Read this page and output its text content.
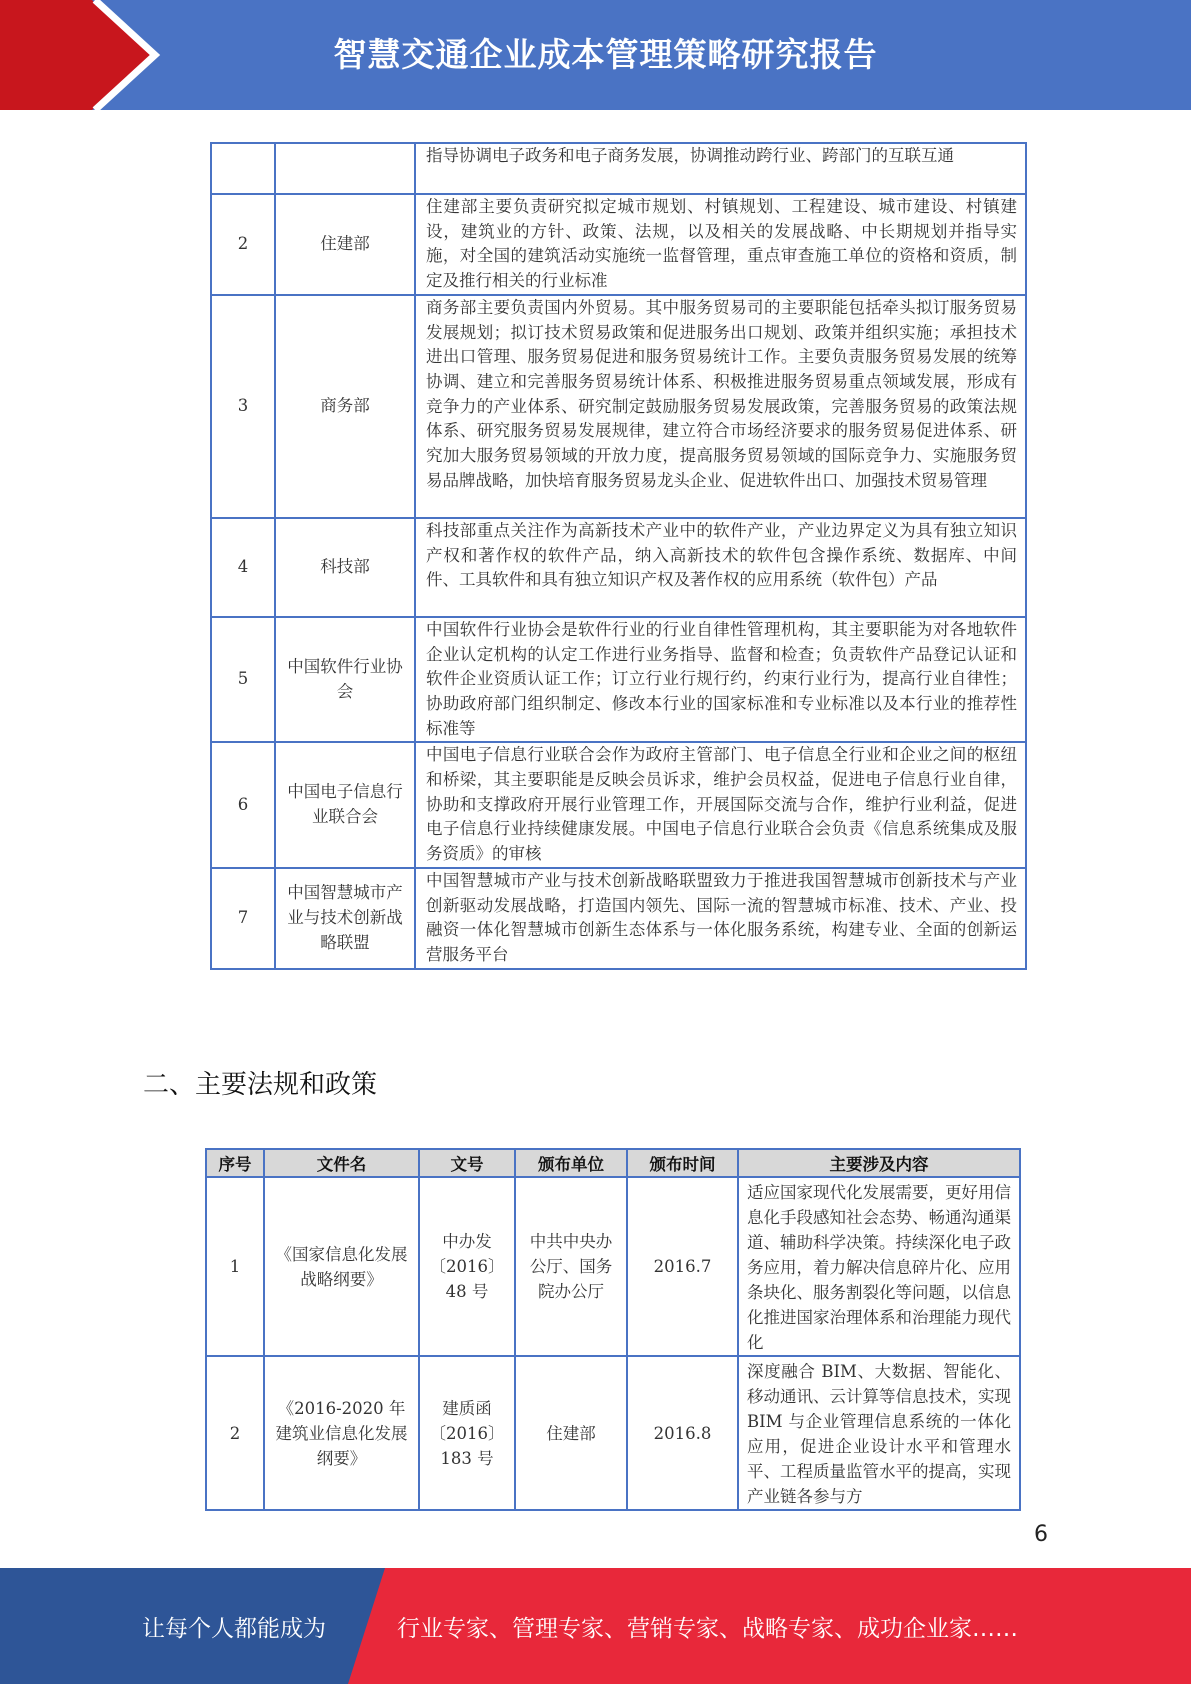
智慧交通企业成本管理策略研究报告
		指导协调电子政务和电子商务发展，协调推动跨行业、跨部门的互联互通
2	住建部	住建部主要负责研究拟定城市规划、村镇规划、工程建设、城市建设、村镇建设，建筑业的方针、政策、法规，以及相关的发展战略、中长期规划并指导实施，对全国的建筑活动实施统一监督管理，重点审查施工单位的资格和资质，制定及推行相关的行业标准
3	商务部	商务部主要负责国内外贸易。其中服务贸易司的主要职能包括牵头拟订服务贸易发展规划；拟订技术贸易政策和促进服务出口规划、政策并组织实施；承担技术进出口管理、服务贸易促进和服务贸易统计工作。主要负责服务贸易发展的统筹协调、建立和完善服务贸易统计体系、积极推进服务贸易重点领域发展，形成有竞争力的产业体系、研究制定鼓励服务贸易发展政策，完善服务贸易的政策法规体系、研究服务贸易发展规律，建立符合市场经济要求的服务贸易促进体系、研究加大服务贸易领域的开放力度，提高服务贸易领域的国际竞争力、实施服务贸易品牌战略，加快培育服务贸易龙头企业、促进软件出口、加强技术贸易管理
4	科技部	科技部重点关注作为高新技术产业中的软件产业，产业边界定义为具有独立知识产权和著作权的软件产品，纳入高新技术的软件包含操作系统、数据库、中间件、工具软件和具有独立知识产权及著作权的应用系统（软件包）产品
5	中国软件行业协会	中国软件行业协会是软件行业的行业自律性管理机构，其主要职能为对各地软件企业认定机构的认定工作进行业务指导、监督和检查；负责软件产品登记认证和软件企业资质认证工作；订立行业行规行约，约束行业行为，提高行业自律性；协助政府部门组织制定、修改本行业的国家标准和专业标准以及本行业的推荐性标准等
6	中国电子信息行业联合会	中国电子信息行业联合会作为政府主管部门、电子信息全行业和企业之间的枢纽和桥梁，其主要职能是反映会员诉求，维护会员权益，促进电子信息行业自律，协助和支撑政府开展行业管理工作，开展国际交流与合作，维护行业利益，促进电子信息行业持续健康发展。中国电子信息行业联合会负责《信息系统集成及服务资质》的审核
7	中国智慧城市产业与技术创新战略联盟	中国智慧城市产业与技术创新战略联盟致力于推进我国智慧城市创新技术与产业创新驱动发展战略，打造国内领先、国际一流的智慧城市标准、技术、产业、投融资一体化智慧城市创新生态体系与一体化服务系统，构建专业、全面的创新运营服务平台
二、主要法规和政策
序号	文件名	文号	颁布单位	颁布时间	主要涉及内容
1	《国家信息化发展战略纲要》	中办发〔2016〕48 号	中共中央办公厅、国务院办公厅	2016.7	适应国家现代化发展需要，更好用信息化手段感知社会态势、畅通沟通渠道、辅助科学决策。持续深化电子政务应用，着力解决信息碎片化、应用条块化、服务割裂化等问题，以信息化推进国家治理体系和治理能力现代化
2	《2016-2020 年建筑业信息化发展纲要》	建质函〔2016〕183 号	住建部	2016.8	深度融合 BIM、大数据、智能化、移动通讯、云计算等信息技术，实现 BIM 与企业管理信息系统的一体化应用，促进企业设计水平和管理水平、工程质量监管水平的提高，实现产业链各参与方
6
让每个人都能成为	行业专家、管理专家、营销专家、战略专家、成功企业家……
